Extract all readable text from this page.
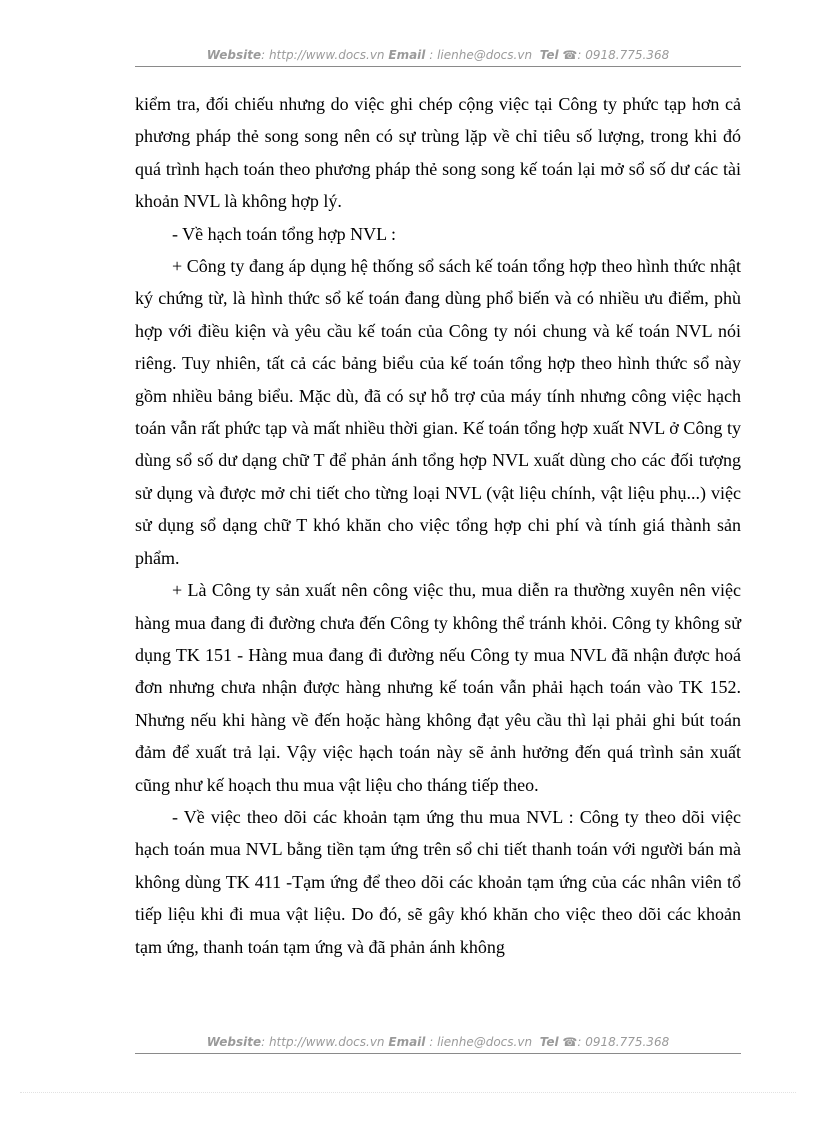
Website: http://www.docs.vn Email : lienhe@docs.vn Tel ☎: 0918.775.368

kiểm tra, đối chiếu nhưng do việc ghi chép cộng việc tại Công ty phức tạp hơn cả phương pháp thẻ song song nên có sự trùng lặp về chỉ tiêu số lượng, trong khi đó quá trình hạch toán theo phương pháp thẻ song song kế toán lại mở sổ số dư các tài khoản NVL là không hợp lý.

- Về hạch toán tổng hợp NVL :

+ Công ty đang áp dụng hệ thống sổ sách kế toán tổng hợp theo hình thức nhật ký chứng từ, là hình thức sổ kế toán đang dùng phổ biến và có nhiều ưu điểm, phù hợp với điều kiện và yêu cầu kế toán của Công ty nói chung và kế toán NVL nói riêng. Tuy nhiên, tất cả các bảng biểu của kế toán tổng hợp theo hình thức sổ này gồm nhiều bảng biểu. Mặc dù, đã có sự hỗ trợ của máy tính nhưng công việc hạch toán vẫn rất phức tạp và mất nhiều thời gian. Kế toán tổng hợp xuất NVL ở Công ty dùng sổ số dư dạng chữ T để phản ánh tổng hợp NVL xuất dùng cho các đối tượng sử dụng và được mở chi tiết cho từng loại NVL (vật liệu chính, vật liệu phụ...) việc sử dụng sổ dạng chữ T khó khăn cho việc tổng hợp chi phí và tính giá thành sản phẩm.

+ Là Công ty sản xuất nên công việc thu, mua diễn ra thường xuyên nên việc hàng mua đang đi đường chưa đến Công ty không thể tránh khỏi. Công ty không sử dụng TK 151 - Hàng mua đang đi đường nếu Công ty mua NVL đã nhận được hoá đơn nhưng chưa nhận được hàng nhưng kế toán vẫn phải hạch toán vào TK 152. Nhưng nếu khi hàng về đến hoặc hàng không đạt yêu cầu thì lại phải ghi bút toán đảm để xuất trả lại. Vậy việc hạch toán này sẽ ảnh hưởng đến quá trình sản xuất cũng như kế hoạch thu mua vật liệu cho tháng tiếp theo.

- Về việc theo dõi các khoản tạm ứng thu mua NVL : Công ty theo dõi việc hạch toán mua NVL bằng tiền tạm ứng trên sổ chi tiết thanh toán với người bán mà không dùng TK 411 -Tạm ứng để theo dõi các khoản tạm ứng của các nhân viên tổ tiếp liệu khi đi mua vật liệu. Do đó, sẽ gây khó khăn cho việc theo dõi các khoản tạm ứng, thanh toán tạm ứng và đã phản ánh không

Website: http://www.docs.vn Email : lienhe@docs.vn Tel ☎: 0918.775.368
